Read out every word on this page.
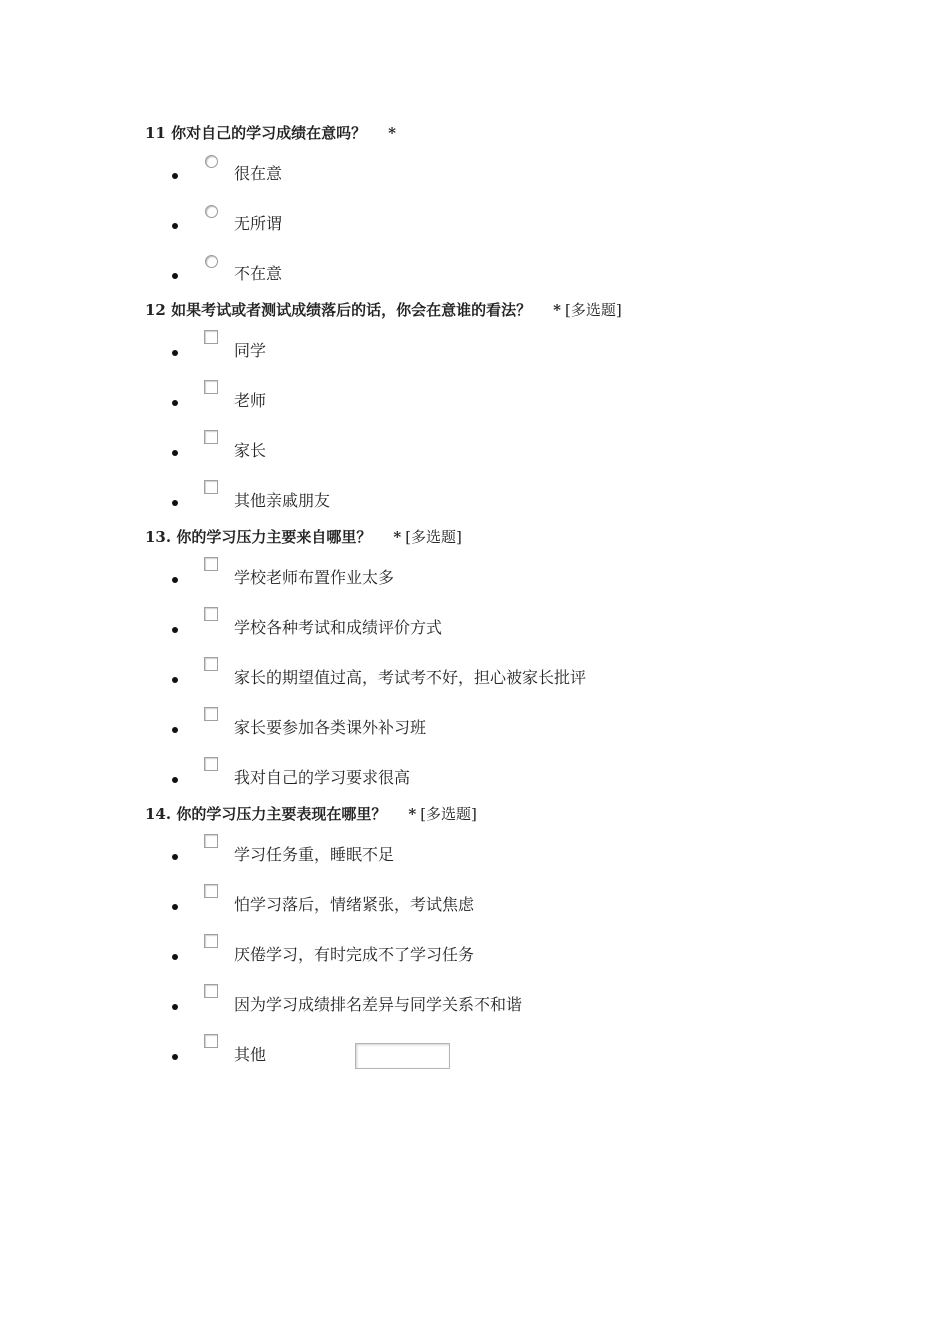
11 你对自己的学习成绩在意吗？ *

很在意
无所谓
不在意

12 如果考试或者测试成绩落后的话，你会在意谁的看法？ * [多选题]

同学
老师
家长
其他亲戚朋友

13. 你的学习压力主要来自哪里？ * [多选题]

学校老师布置作业太多
学校各种考试和成绩评价方式
家长的期望值过高，考试考不好，担心被家长批评
家长要参加各类课外补习班
我对自己的学习要求很高

14. 你的学习压力主要表现在哪里？ * [多选题]

学习任务重，睡眠不足
怕学习落后，情绪紧张，考试焦虑
厌倦学习，有时完成不了学习任务
因为学习成绩排名差异与同学关系不和谐
其他
